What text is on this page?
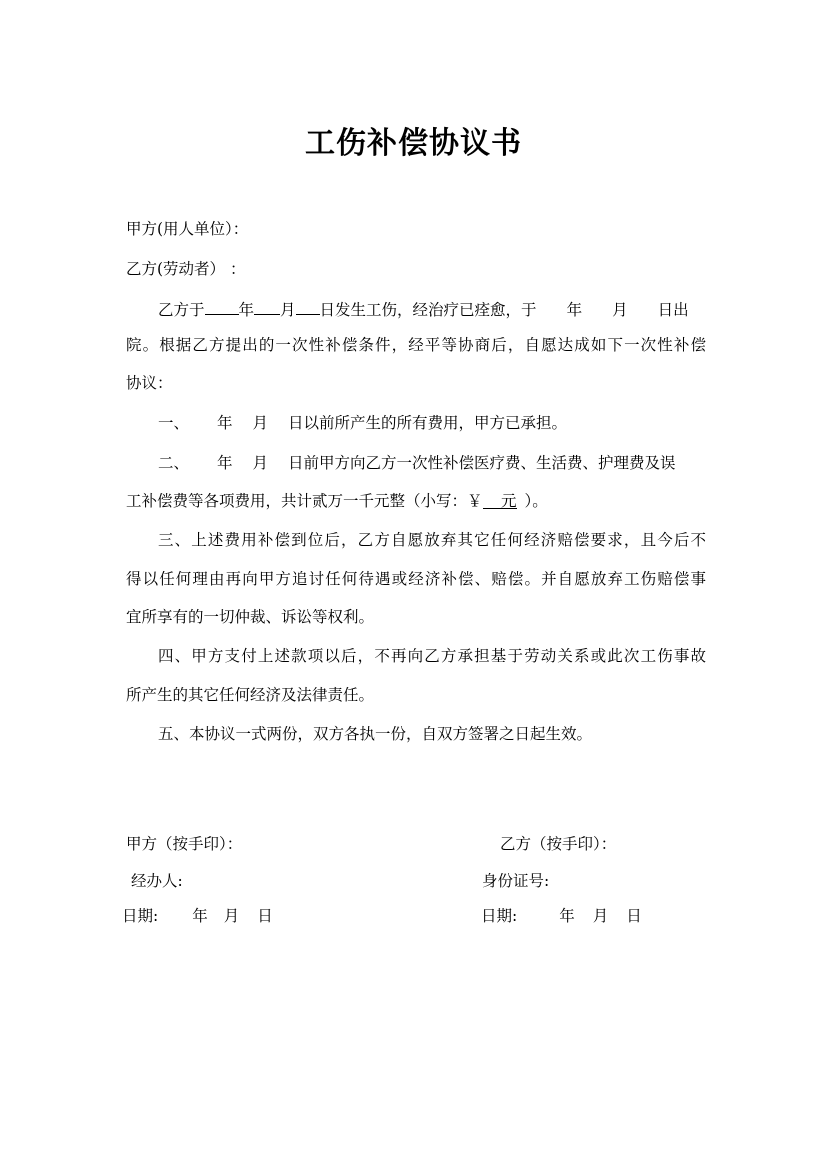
工伤补偿协议书
甲方(用人单位）：
乙方(劳动者） ：
乙方于 年 月 日发生工伤，经治疗已痊愈，于 年 月 日出
院。根据乙方提出的一次性补偿条件，经平等协商后，自愿达成如下一次性补偿
协议：
一、 年 月 日以前所产生的所有费用，甲方已承担。
二、 年 月 日前甲方向乙方一次性补偿医疗费、生活费、护理费及误
工补偿费等各项费用，共计贰万一千元整（小写：￥ 元 ）。
三、上述费用补偿到位后，乙方自愿放弃其它任何经济赔偿要求，且今后不
得以任何理由再向甲方追讨任何待遇或经济补偿、赔偿。并自愿放弃工伤赔偿事
宜所享有的一切仲裁、诉讼等权利。
四、甲方支付上述款项以后，不再向乙方承担基于劳动关系或此次工伤事故
所产生的其它任何经济及法律责任。
五、本协议一式两份，双方各执一份，自双方签署之日起生效。
甲方（按手印）：	乙方（按手印）：
经办人:	身份证号:
日期: 年 月 日	日期:	年 月 日
